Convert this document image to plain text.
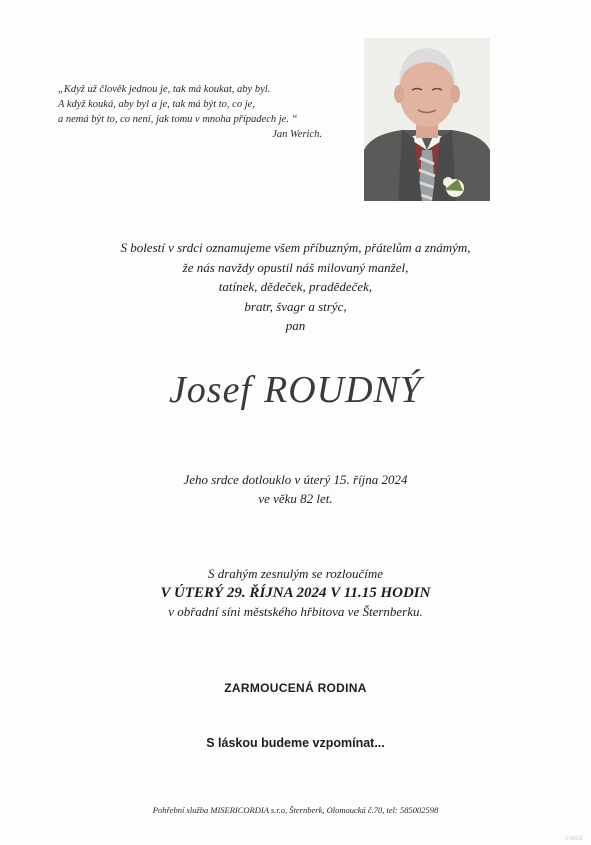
„Když už člověk jednou je, tak má koukat, aby byl.
A když kouká, aby byl a je, tak má být to, co je,
a nemá být to, co není, jak tomu v mnoha případech je. “
Jan Werich.
S bolestí v srdci oznamujeme všem příbuzným, přátelům a známým,
že nás navždy opustil náš milovaný manžel,
tatínek, dědeček, pradědeček,
bratr, švagr a strýc,
pan
Josef ROUDNÝ
Jeho srdce dotlouklo v úterý 15. října 2024
ve věku 82 let.
S drahým zesnulým se rozloučíme
V ÚTERÝ 29. ŘÍJNA 2024 V 11.15 HODIN
v obřadní síni městského hřbitova ve Šternberku.
ZARMOUCENÁ RODINA
S láskou budeme vzpomínat...
Pohřební služba MISERICORDIA s.r.o, Šternberk, Olomoucká č.70, tel: 585002598
© MIGE
